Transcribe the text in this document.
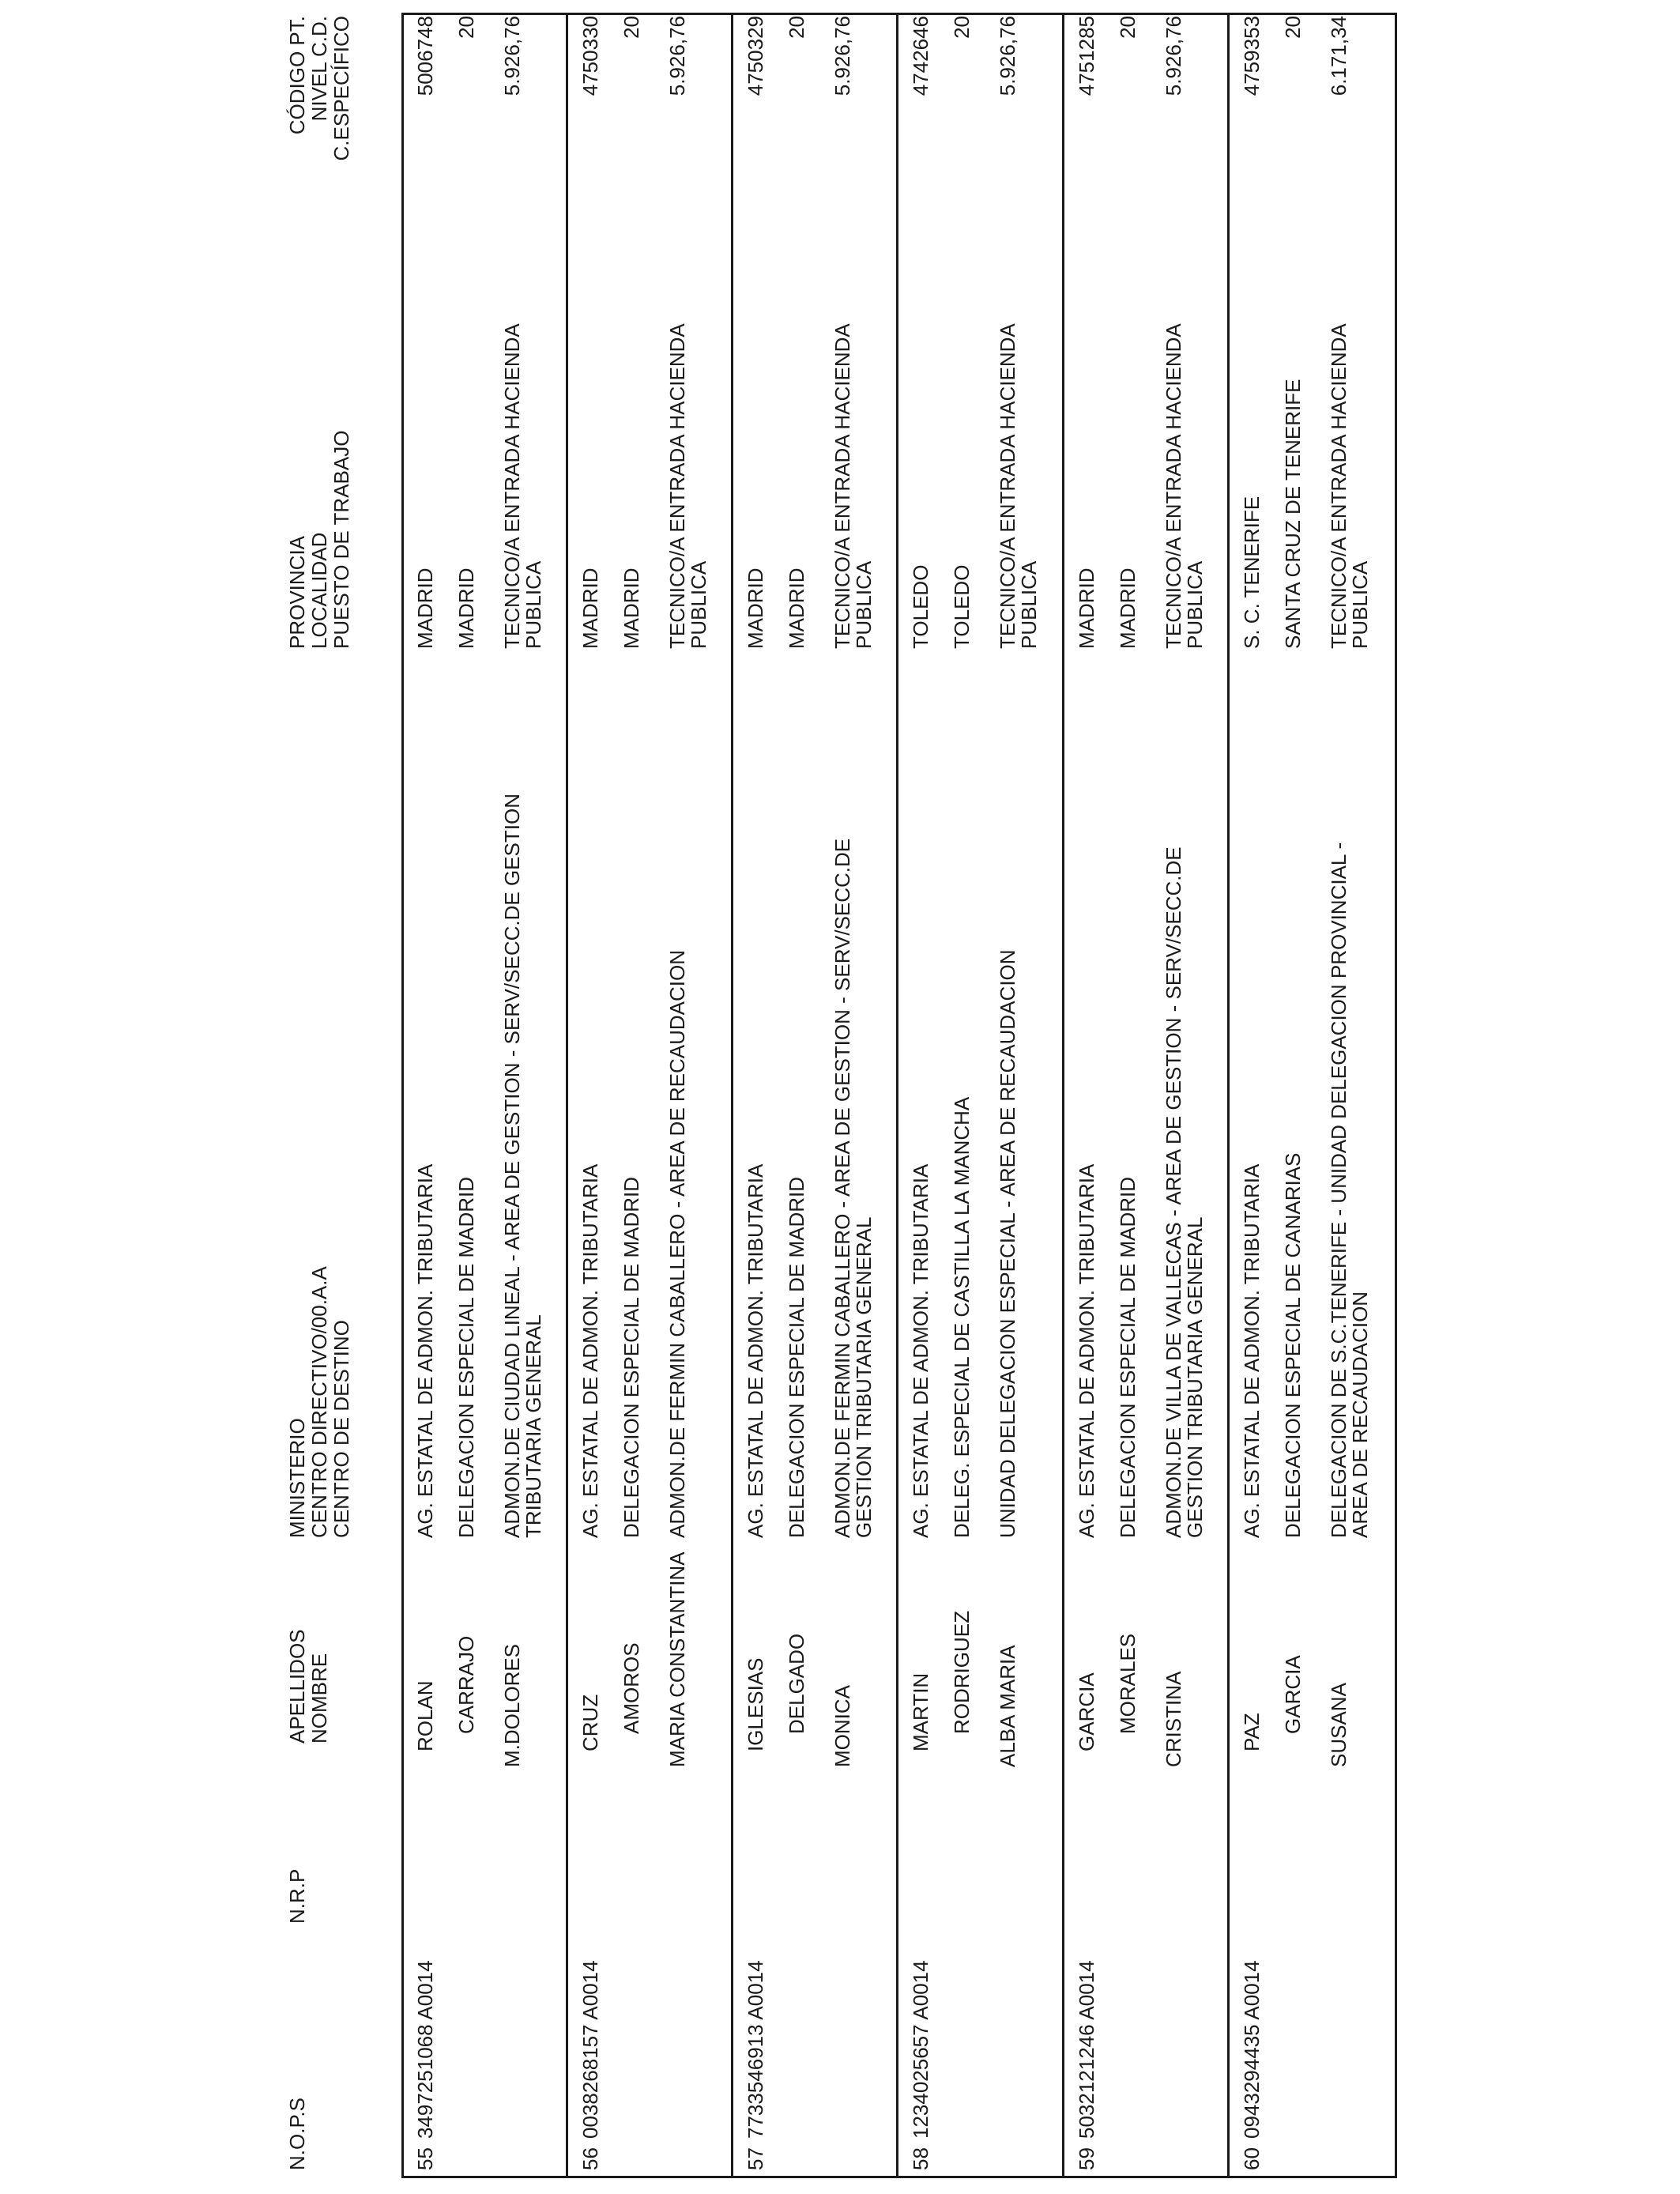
N.O.P.S
N.R.P
APELLIDOS
NOMBRE
MINISTERIO
CENTRO DIRECTIVO/00.A.A
CENTRO DE DESTINO
PROVINCIA
LOCALIDAD
PUESTO DE TRABAJO
CÓDIGO PT.
NIVEL C.D.
C.ESPECÍFICO
55
3497251068 A0014
ROLAN CARRAJO M.DOLORES
AG. ESTATAL DE ADMON. TRIBUTARIA DELEGACION ESPECIAL DE MADRID ADMON.DE CIUDAD LINEAL - AREA DE GESTION - SERV/SECC.DE GESTION
TRIBUTARIA GENERAL
MADRID MADRID TECNICO/A ENTRADA HACIENDA
PUBLICA
5006748 20 5.926,76
56
0038268157 A0014
CRUZ AMOROS MARIA CONSTANTINA
AG. ESTATAL DE ADMON. TRIBUTARIA DELEGACION ESPECIAL DE MADRID ADMON.DE FERMIN CABALLERO - AREA DE RECAUDACION
MADRID MADRID TECNICO/A ENTRADA HACIENDA
PUBLICA
4750330 20 5.926,76
57
7733546913 A0014
IGLESIAS DELGADO MONICA
AG. ESTATAL DE ADMON. TRIBUTARIA DELEGACION ESPECIAL DE MADRID ADMON.DE FERMIN CABALLERO - AREA DE GESTION - SERV/SECC.DE
GESTION TRIBUTARIA GENERAL
MADRID MADRID TECNICO/A ENTRADA HACIENDA
PUBLICA
4750329 20 5.926,76
58
1234025657 A0014
MARTIN RODRIGUEZ ALBA MARIA
AG. ESTATAL DE ADMON. TRIBUTARIA DELEG. ESPECIAL DE CASTILLA LA MANCHA UNIDAD DELEGACION ESPECIAL - AREA DE RECAUDACION
TOLEDO TOLEDO TECNICO/A ENTRADA HACIENDA
PUBLICA
4742646 20 5.926,76
59
5032121246 A0014
GARCIA MORALES CRISTINA
AG. ESTATAL DE ADMON. TRIBUTARIA DELEGACION ESPECIAL DE MADRID ADMON.DE VILLA DE VALLECAS - AREA DE GESTION - SERV/SECC.DE
GESTION TRIBUTARIA GENERAL
MADRID MADRID TECNICO/A ENTRADA HACIENDA
PUBLICA
4751285 20 5.926,76
60
0943294435 A0014
PAZ GARCIA SUSANA
AG. ESTATAL DE ADMON. TRIBUTARIA DELEGACION ESPECIAL DE CANARIAS DELEGACION DE S.C.TENERIFE - UNIDAD DELEGACION PROVINCIAL -
AREA DE RECAUDACION
S. C. TENERIFE SANTA CRUZ DE TENERIFE TECNICO/A ENTRADA HACIENDA
PUBLICA
4759353 20 6.171,34
